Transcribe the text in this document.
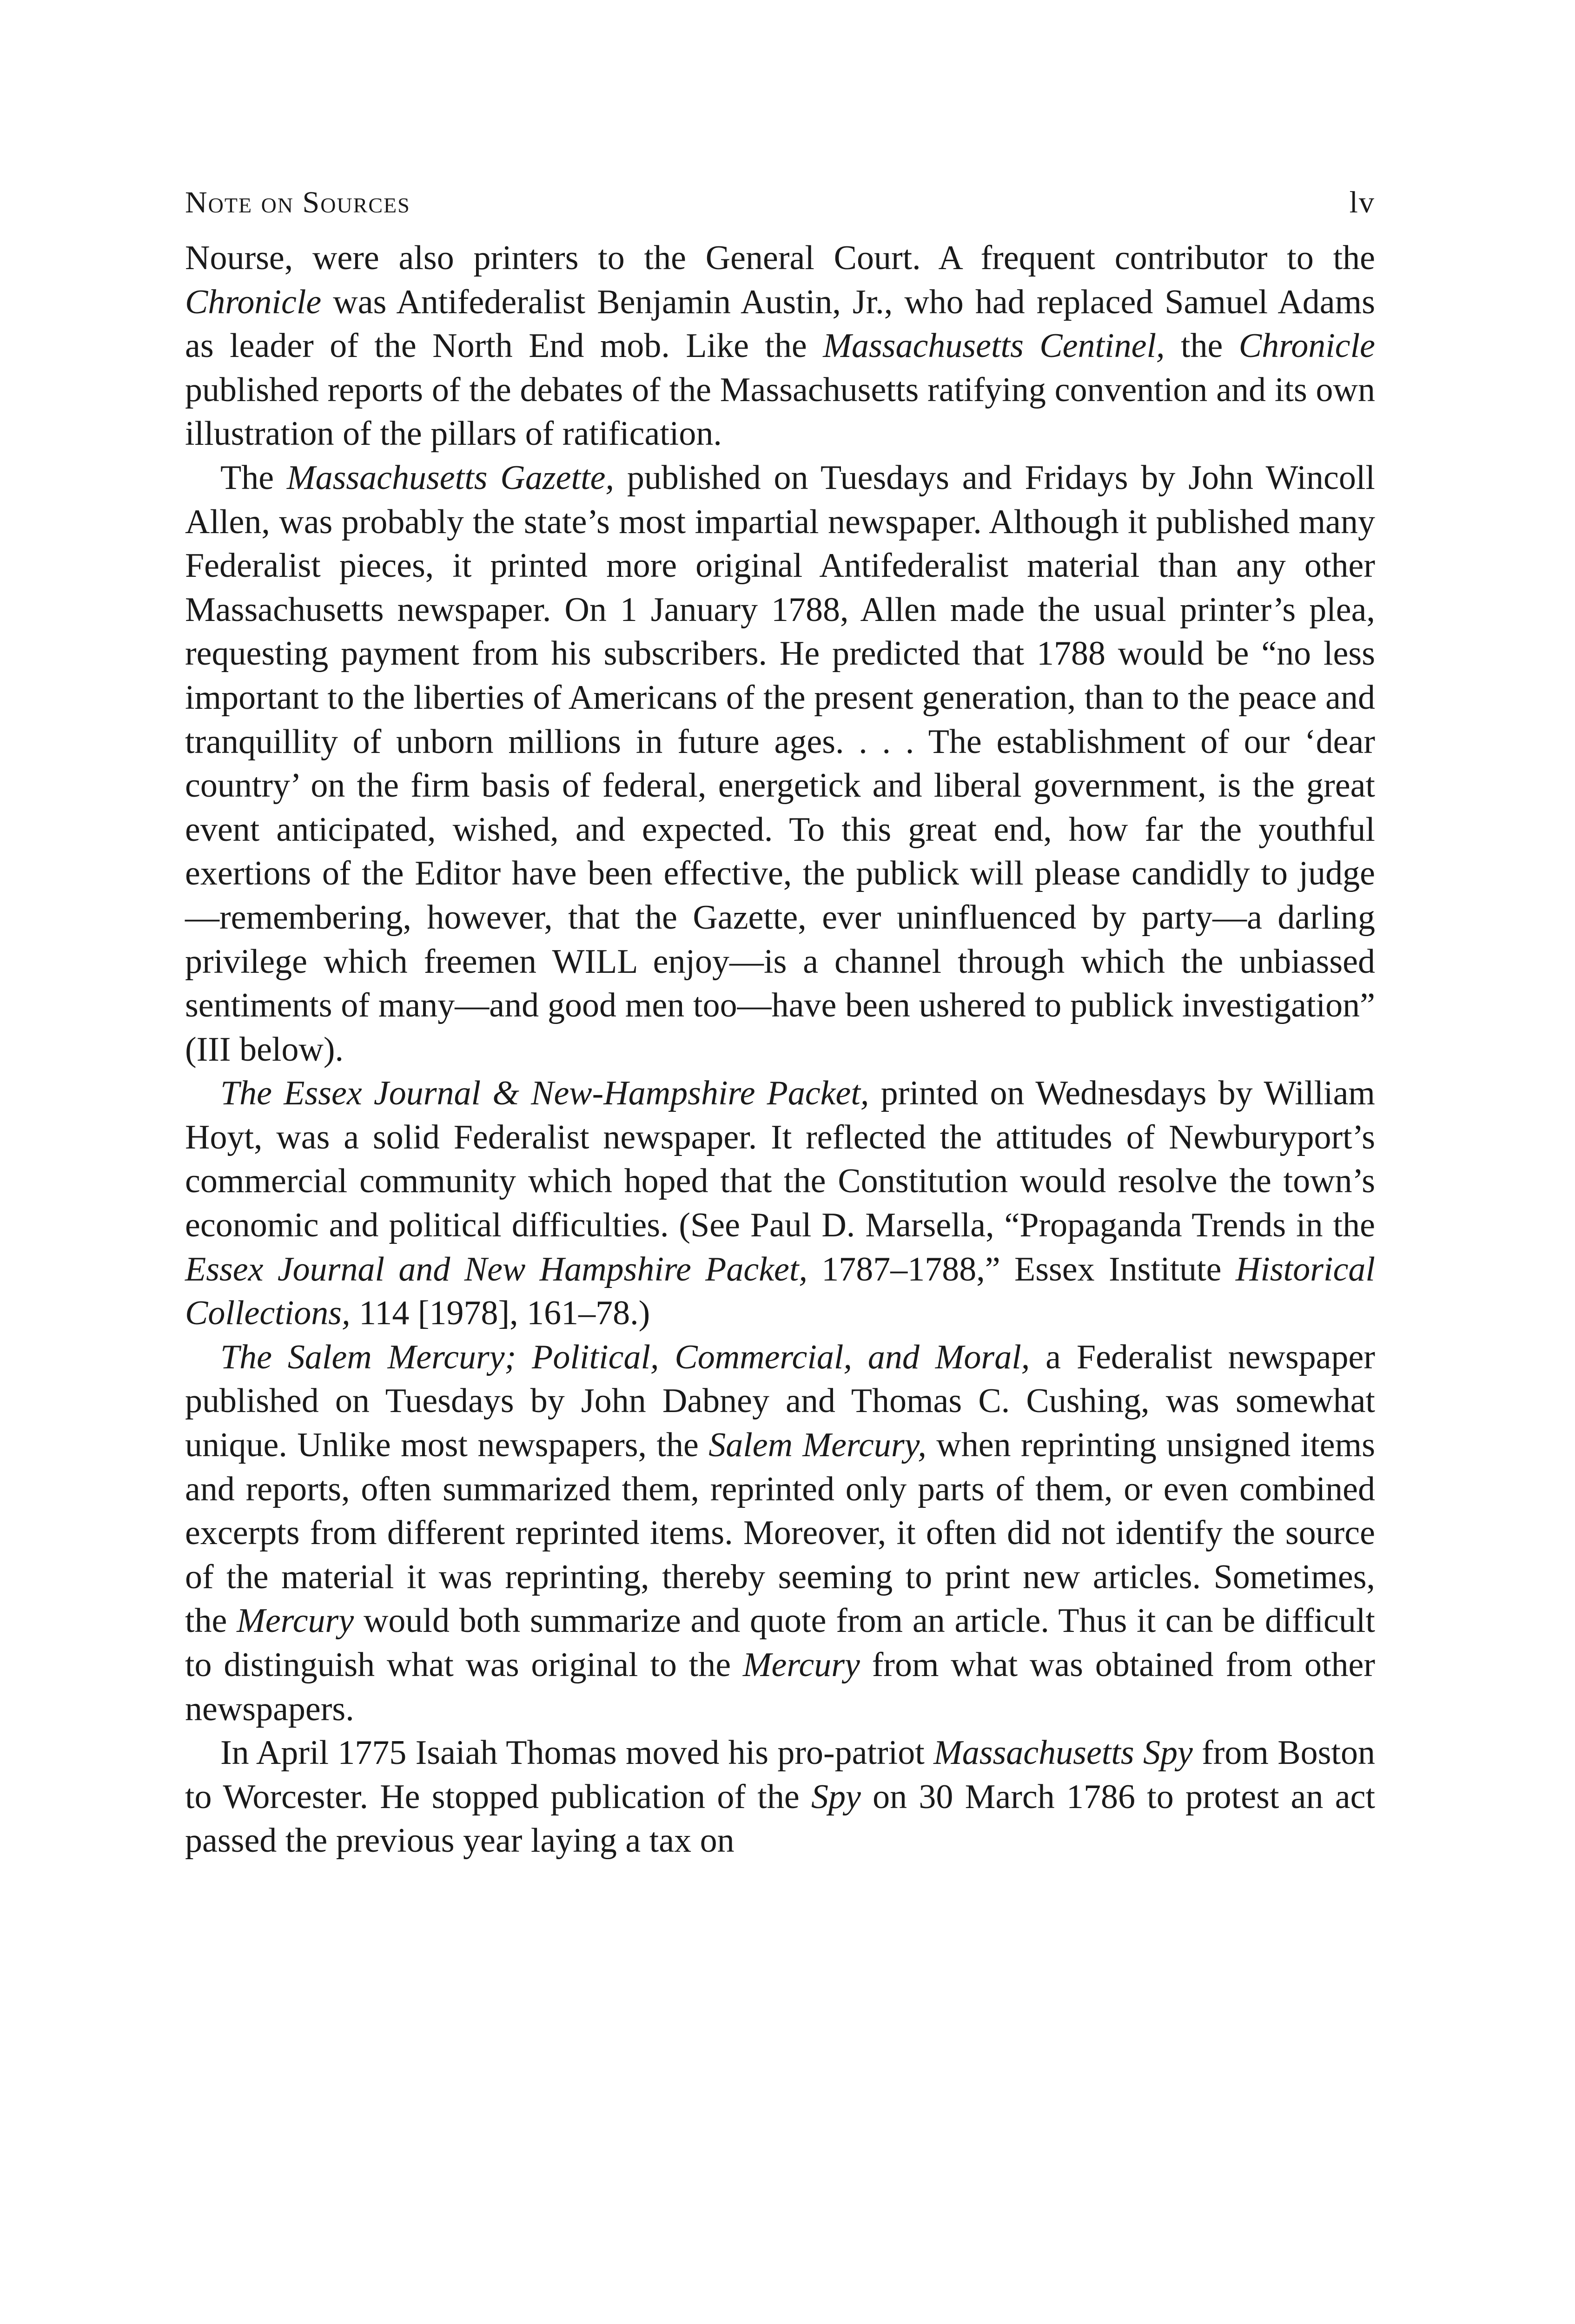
Note on Sources	lv

Nourse, were also printers to the General Court. A frequent contributor to the Chronicle was Antifederalist Benjamin Austin, Jr., who had replaced Samuel Adams as leader of the North End mob. Like the Massachusetts Centinel, the Chronicle published reports of the debates of the Massachusetts ratifying convention and its own illustration of the pillars of ratification.

The Massachusetts Gazette, published on Tuesdays and Fridays by John Wincoll Allen, was probably the state’s most impartial newspaper. Although it published many Federalist pieces, it printed more original Antifederalist material than any other Massachusetts newspaper. On 1 January 1788, Allen made the usual printer’s plea, requesting payment from his subscribers. He predicted that 1788 would be “no less important to the liberties of Americans of the present generation, than to the peace and tranquillity of unborn millions in future ages. . . . The establishment of our ‘dear country’ on the firm basis of federal, energetick and liberal government, is the great event anticipated, wished, and expected. To this great end, how far the youthful exertions of the Editor have been effective, the publick will please candidly to judge—remembering, however, that the Gazette, ever uninfluenced by party—a darling privilege which freemen WILL enjoy—is a channel through which the unbiassed sentiments of many—and good men too—have been ushered to publick investigation” (III below).

The Essex Journal & New-Hampshire Packet, printed on Wednesdays by William Hoyt, was a solid Federalist newspaper. It reflected the attitudes of Newburyport’s commercial community which hoped that the Constitution would resolve the town’s economic and political difficulties. (See Paul D. Marsella, “Propaganda Trends in the Essex Journal and New Hampshire Packet, 1787–1788,” Essex Institute Historical Collections, 114 [1978], 161–78.)

The Salem Mercury; Political, Commercial, and Moral, a Federalist newspaper published on Tuesdays by John Dabney and Thomas C. Cushing, was somewhat unique. Unlike most newspapers, the Salem Mercury, when reprinting unsigned items and reports, often summarized them, reprinted only parts of them, or even combined excerpts from different reprinted items. Moreover, it often did not identify the source of the material it was reprinting, thereby seeming to print new articles. Sometimes, the Mercury would both summarize and quote from an article. Thus it can be difficult to distinguish what was original to the Mercury from what was obtained from other newspapers.

In April 1775 Isaiah Thomas moved his pro-patriot Massachusetts Spy from Boston to Worcester. He stopped publication of the Spy on 30 March 1786 to protest an act passed the previous year laying a tax on
